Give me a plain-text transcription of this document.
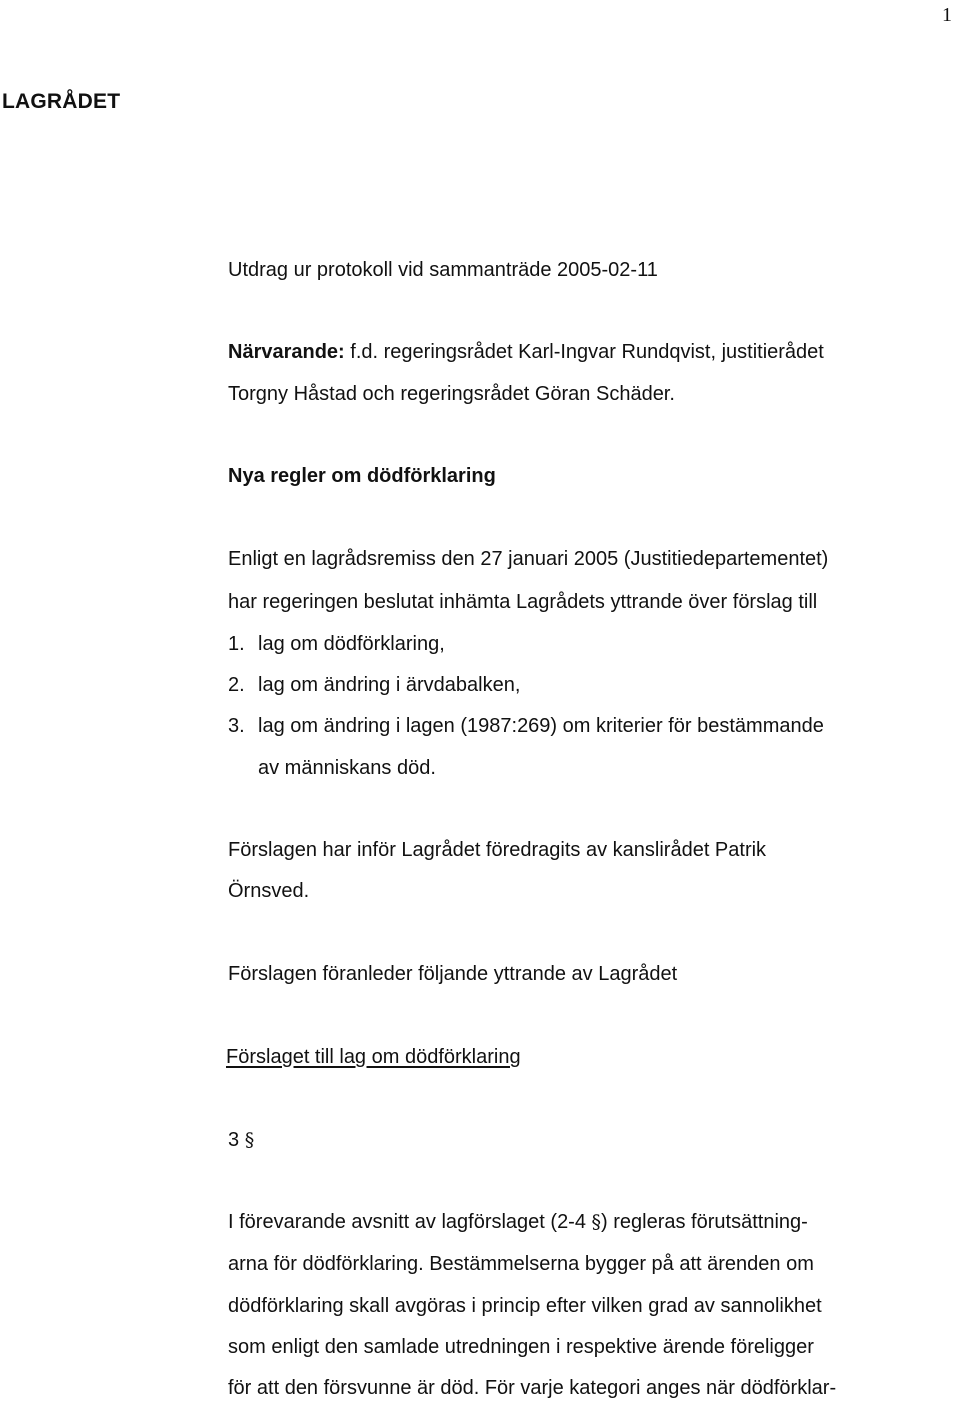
1
LAGRÅDET
Utdrag ur protokoll vid sammanträde 2005-02-11
Närvarande: f.d. regeringsrådet Karl-Ingvar Rundqvist, justitierådet
Torgny Håstad och regeringsrådet Göran Schäder.
Nya regler om dödförklaring
Enligt en lagrådsremiss den 27 januari 2005 (Justitiedepartementet)
har regeringen beslutat inhämta Lagrådets yttrande över förslag till
1. lag om dödförklaring,
2. lag om ändring i ärvdabalken,
3. lag om ändring i lagen (1987:269) om kriterier för bestämmande
av människans död.
Förslagen har inför Lagrådet föredragits av kanslirådet Patrik
Örnsved.
Förslagen föranleder följande yttrande av Lagrådet
Förslaget till lag om dödförklaring
3 §
I förevarande avsnitt av lagförslaget (2-4 §) regleras förutsättning-
arna för dödförklaring. Bestämmelserna bygger på att ärenden om
dödförklaring skall avgöras i princip efter vilken grad av sannolikhet
som enligt den samlade utredningen i respektive ärende föreligger
för att den försvunne är död. För varje kategori anges när dödförklar-
